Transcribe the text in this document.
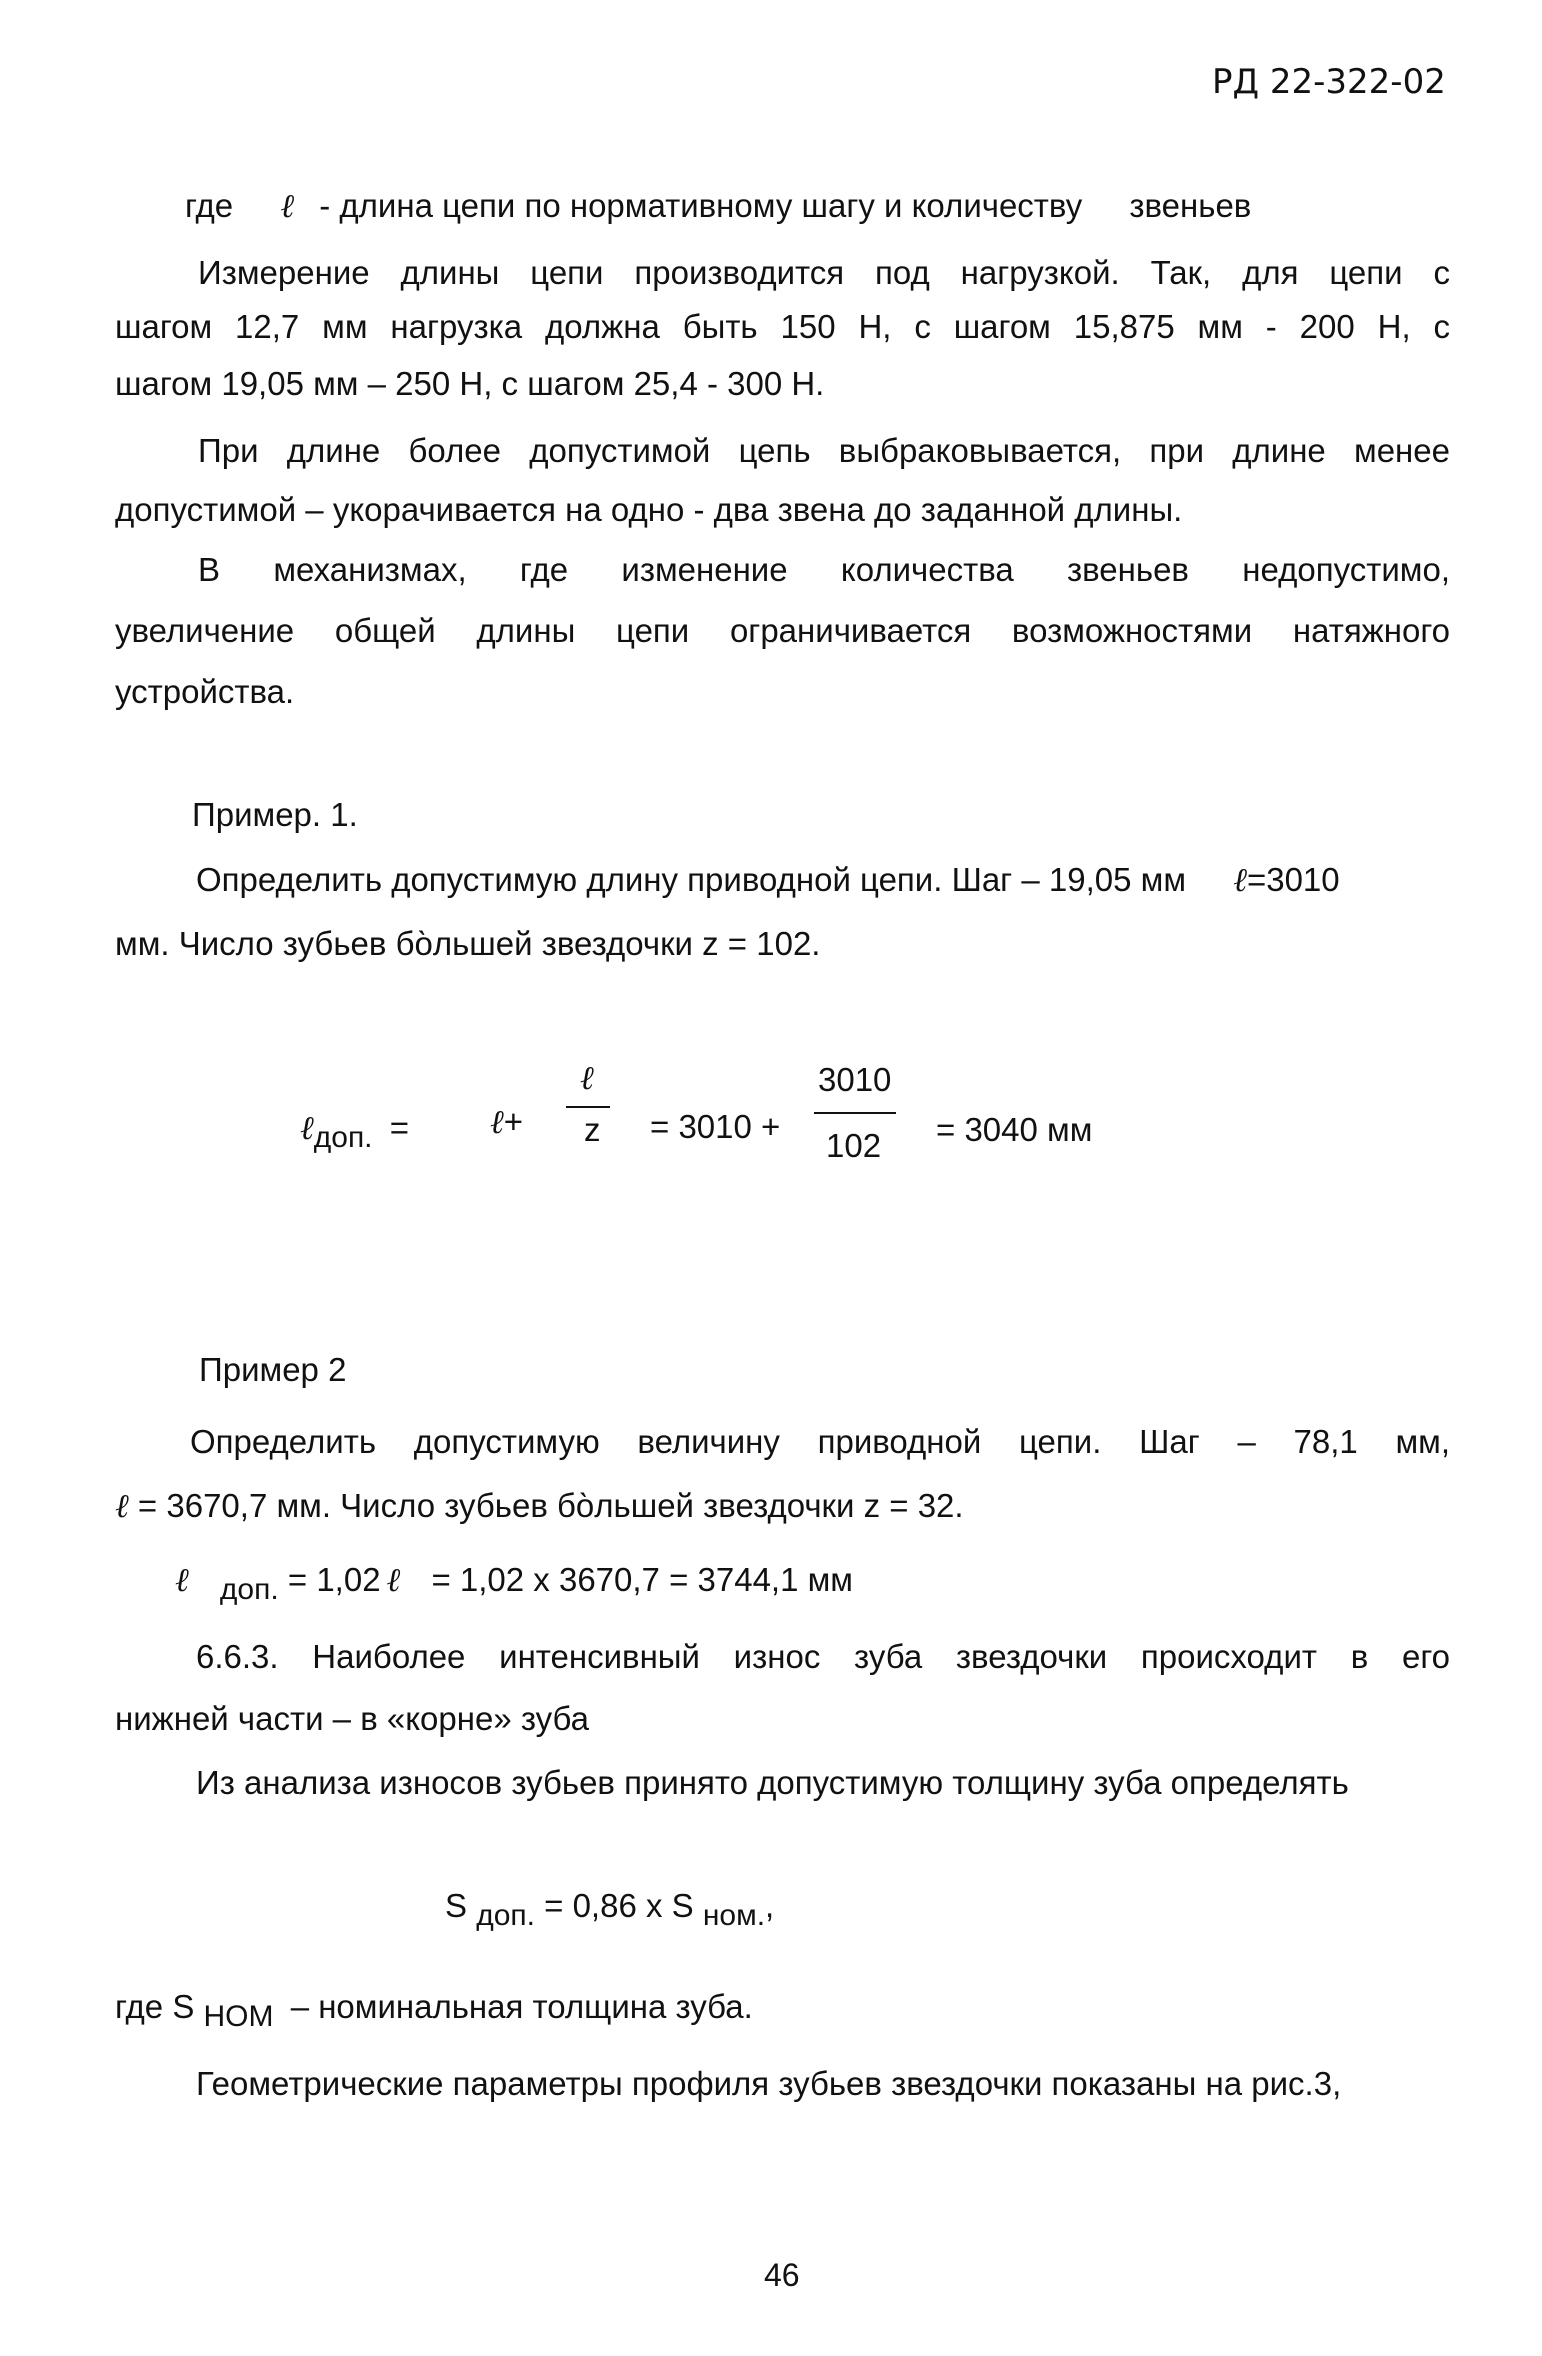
РД 22-322-02
где ℓ - длина цепи по нормативному шагу и количеству звеньев
Измерение длины цепи производится под нагрузкой. Так, для цепи с
шагом 12,7 мм нагрузка должна быть 150 Н, с шагом 15,875 мм - 200 Н, с
шагом 19,05 мм – 250 Н, с шагом 25,4 - 300 Н.
При длине более допустимой цепь выбраковывается, при длине менее
допустимой – укорачивается на одно - два звена до заданной длины.
В механизмах, где изменение количества звеньев недопустимо,
увеличение общей длины цепи ограничивается возможностями натяжного
устройства.
Пример. 1.
Определить допустимую длину приводной цепи. Шаг – 19,05 мм ℓ=3010
мм. Число зубьев бо̀льшей звездочки z = 102.
ℓдоп. = ℓ+
ℓ
z = 3010 +
3010
102 = 3040 мм
Пример 2
Определить допустимую величину приводной цепи. Шаг – 78,1 мм,
ℓ = 3670,7 мм. Число зубьев бо̀льшей звездочки z = 32.
ℓ доп. = 1,02 ℓ = 1,02 х 3670,7 = 3744,1 мм
6.6.3. Наиболее интенсивный износ зуба звездочки происходит в его
нижней части – в «корне» зуба
Из анализа износов зубьев принято допустимую толщину зуба определять
S доп. = 0,86 х S ном.,
где S НОМ – номинальная толщина зуба.
Геометрические параметры профиля зубьев звездочки показаны на рис.3,
46
